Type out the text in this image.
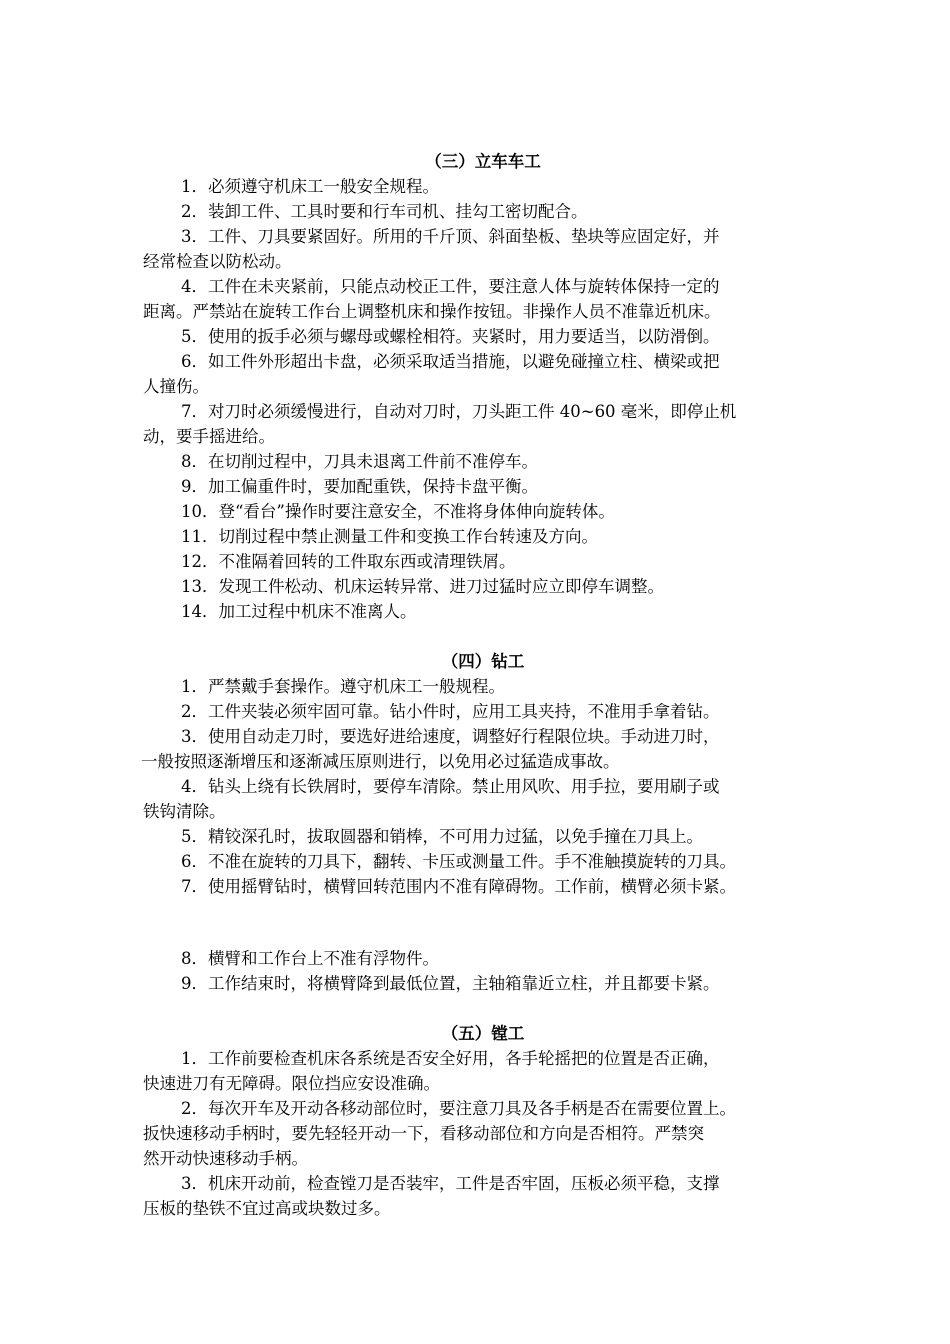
（三）立车车工
1．必须遵守机床工一般安全规程。
2．装卸工件、工具时要和行车司机、挂勾工密切配合。
3．工件、刀具要紧固好。所用的千斤顶、斜面垫板、垫块等应固定好，并
经常检查以防松动。
4．工件在未夹紧前，只能点动校正工件，要注意人体与旋转体保持一定的
距离。严禁站在旋转工作台上调整机床和操作按钮。非操作人员不准靠近机床。
5．使用的扳手必须与螺母或螺栓相符。夹紧时，用力要适当，以防滑倒。
6．如工件外形超出卡盘，必须采取适当措施，以避免碰撞立柱、横梁或把
人撞伤。
7．对刀时必须缓慢进行，自动对刀时，刀头距工件 40~60 毫米，即停止机
动，要手摇进给。
8．在切削过程中，刀具未退离工件前不准停车。
9．加工偏重件时，要加配重铁，保持卡盘平衡。
10．登“看台”操作时要注意安全，不准将身体伸向旋转体。
11．切削过程中禁止测量工件和变换工作台转速及方向。
12．不准隔着回转的工件取东西或清理铁屑。
13．发现工件松动、机床运转异常、进刀过猛时应立即停车调整。
14．加工过程中机床不准离人。
（四）钻工
1．严禁戴手套操作。遵守机床工一般规程。
2．工件夹装必须牢固可靠。钻小件时，应用工具夹持，不准用手拿着钻。
3．使用自动走刀时，要选好进给速度，调整好行程限位块。手动进刀时，
一般按照逐渐增压和逐渐减压原则进行，以免用必过猛造成事故。
4．钻头上绕有长铁屑时，要停车清除。禁止用风吹、用手拉，要用刷子或
铁钩清除。
5．精铰深孔时，拔取圆器和销棒，不可用力过猛，以免手撞在刀具上。
6．不准在旋转的刀具下，翻转、卡压或测量工件。手不准触摸旋转的刀具。
7．使用摇臂钻时，横臂回转范围内不准有障碍物。工作前，横臂必须卡紧。
8．横臂和工作台上不准有浮物件。
9．工作结束时，将横臂降到最低位置，主轴箱靠近立柱，并且都要卡紧。
（五）镗工
1．工作前要检查机床各系统是否安全好用，各手轮摇把的位置是否正确，
快速进刀有无障碍。限位挡应安设准确。
2．每次开车及开动各移动部位时，要注意刀具及各手柄是否在需要位置上。
扳快速移动手柄时，要先轻轻开动一下，看移动部位和方向是否相符。严禁突
然开动快速移动手柄。
3．机床开动前，检查镗刀是否装牢，工件是否牢固，压板必须平稳，支撑
压板的垫铁不宜过高或块数过多。
